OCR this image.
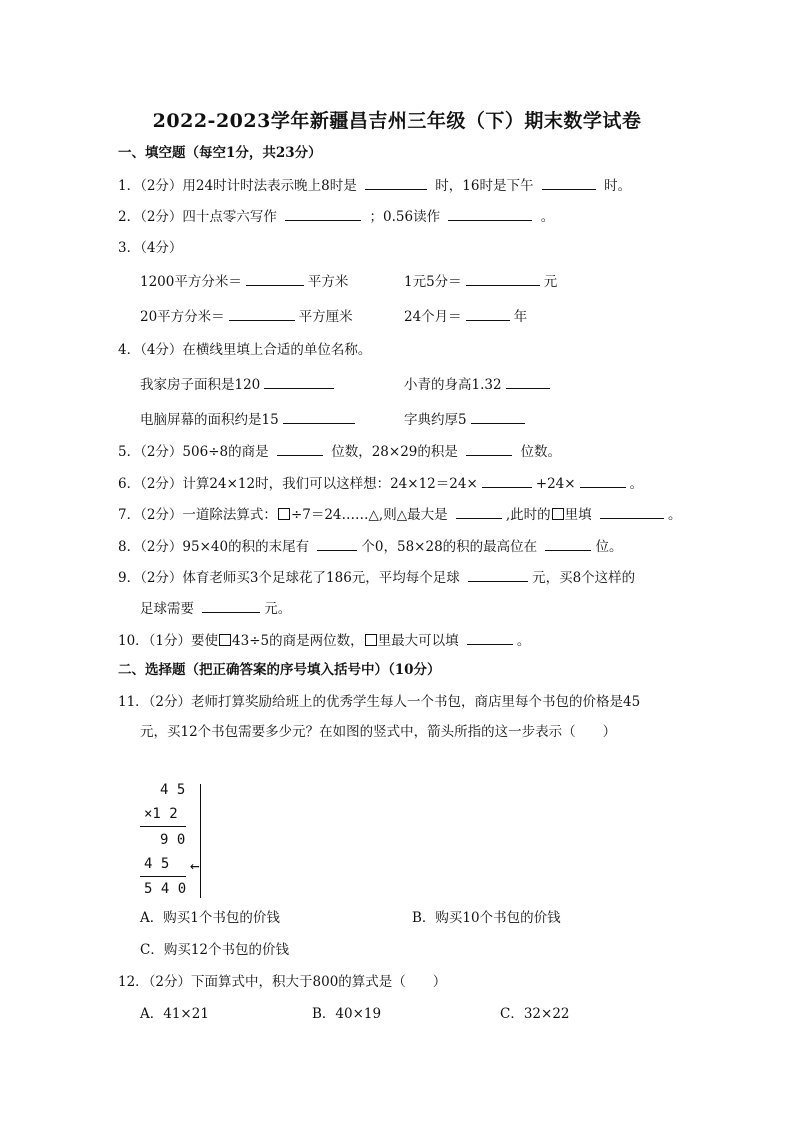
2022-2023学年新疆昌吉州三年级（下）期末数学试卷
一、填空题（每空1分，共23分）
1．（2分）用24时计时法表示晚上8时是	时，16时是下午	时。
2．（2分）四十点零六写作	；0.56读作	。
3．（4分）
1200平方分米＝	平方米	1元5分＝	元
20平方分米＝	平方厘米	24个月＝	年
4．（4分）在横线里填上合适的单位名称。
我家房子面积是120	小青的身高1.32
电脑屏幕的面积约是15	字典约厚5
5．（2分）506÷8的商是	位数，28×29的积是	位数。
6．（2分）计算24×12时，我们可以这样想：24×12＝24×	+24×	。
7．（2分）一道除法算式： ÷7＝24……△,则△最大是	,此时的 里填	。
8．（2分）95×40的积的末尾有	个0，58×28的积的最高位在	位。
9．（2分）体育老师买3个足球花了186元，平均每个足球	元，买8个这样的
足球需要	元。
10．（1分）要使 43÷5的商是两位数， 里最大可以填	。
二、选择题（把正确答案的序号填入括号中）（10分）
11．（2分）老师打算奖励给班上的优秀学生每人一个书包，商店里每个书包的价格是45
元，买12个书包需要多少元？在如图的竖式中，箭头所指的这一步表示（　　）
4 5
×1 2
9 0
4 5 ←
5 4 0
A．购买1个书包的价钱	B．购买10个书包的价钱
C．购买12个书包的价钱
12．（2分）下面算式中，积大于800的算式是（　　）
A．41×21	B．40×19	C．32×22
